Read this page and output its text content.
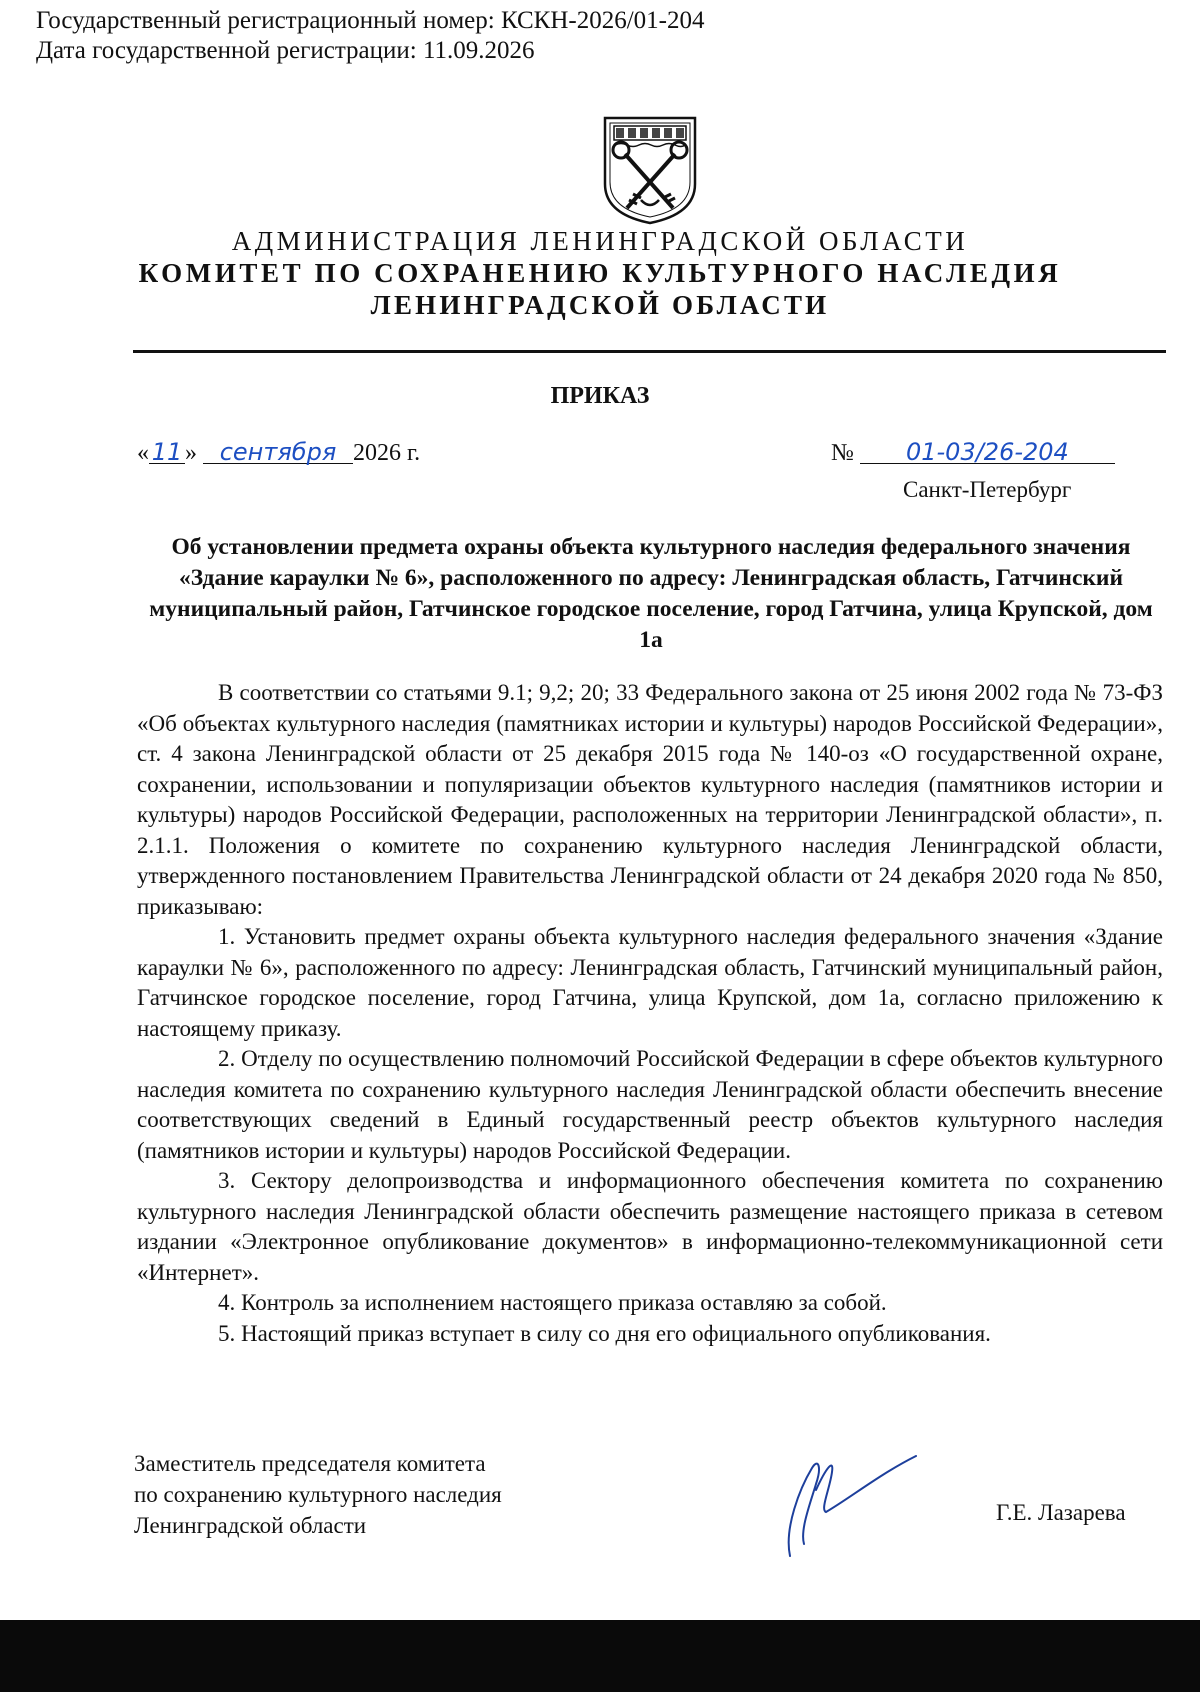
Государственный регистрационный номер: КСКН-2026/01-204
Дата государственной регистрации: 11.09.2026
АДМИНИСТРАЦИЯ ЛЕНИНГРАДСКОЙ ОБЛАСТИ
КОМИТЕТ ПО СОХРАНЕНИЮ КУЛЬТУРНОГО НАСЛЕДИЯ
ЛЕНИНГРАДСКОЙ ОБЛАСТИ
ПРИКАЗ
« 11 » сентября 2026 г.	№ 01-03/26-204
Санкт-Петербург
Об установлении предмета охраны объекта культурного наследия федерального значения «Здание караулки № 6», расположенного по адресу: Ленинградская область, Гатчинский муниципальный район, Гатчинское городское поселение, город Гатчина, улица Крупской, дом 1а

В соответствии со статьями 9.1; 9,2; 20; 33 Федерального закона от 25 июня 2002 года № 73-ФЗ «Об объектах культурного наследия (памятниках истории и культуры) народов Российской Федерации», ст. 4 закона Ленинградской области от 25 декабря 2015 года № 140-оз «О государственной охране, сохранении, использовании и популяризации объектов культурного наследия (памятников истории и культуры) народов Российской Федерации, расположенных на территории Ленинградской области», п. 2.1.1. Положения о комитете по сохранению культурного наследия Ленинградской области, утвержденного постановлением Правительства Ленинградской области от 24 декабря 2020 года № 850, приказываю:

1. Установить предмет охраны объекта культурного наследия федерального значения «Здание караулки № 6», расположенного по адресу: Ленинградская область, Гатчинский муниципальный район, Гатчинское городское поселение, город Гатчина, улица Крупской, дом 1а, согласно приложению к настоящему приказу.

2. Отделу по осуществлению полномочий Российской Федерации в сфере объектов культурного наследия комитета по сохранению культурного наследия Ленинградской области обеспечить внесение соответствующих сведений в Единый государственный реестр объектов культурного наследия (памятников истории и культуры) народов Российской Федерации.

3. Сектору делопроизводства и информационного обеспечения комитета по сохранению культурного наследия Ленинградской области обеспечить размещение настоящего приказа в сетевом издании «Электронное опубликование документов» в информационно-телекоммуникационной сети «Интернет».

4. Контроль за исполнением настоящего приказа оставляю за собой.

5. Настоящий приказ вступает в силу со дня его официального опубликования.

Заместитель председателя комитета
по сохранению культурного наследия
Ленинградской области
Г.Е. Лазарева
